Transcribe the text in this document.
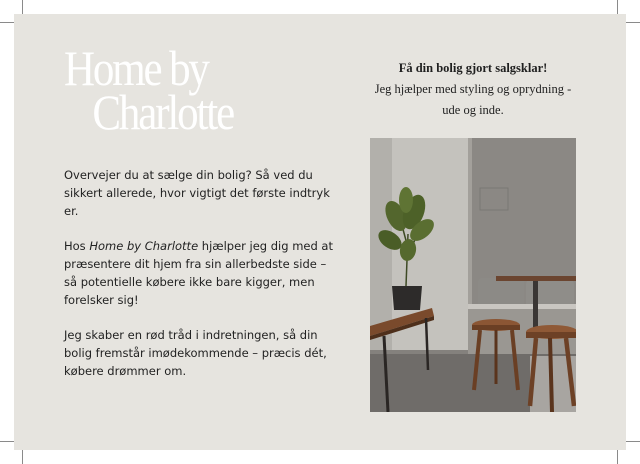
Home by
Charlotte
Få din bolig gjort salgsklar!
Jeg hjælper med styling og oprydning -
ude og inde.

Overvejer du at sælge din bolig? Så ved du sikkert allerede, hvor vigtigt det første indtryk er.

Hos Home by Charlotte hjælper jeg dig med at præsentere dit hjem fra sin allerbedste side – så potentielle købere ikke bare kigger, men forelsker sig!

Jeg skaber en rød tråd i indretningen, så din bolig fremstår imødekommende – præcis dét, købere drømmer om.
